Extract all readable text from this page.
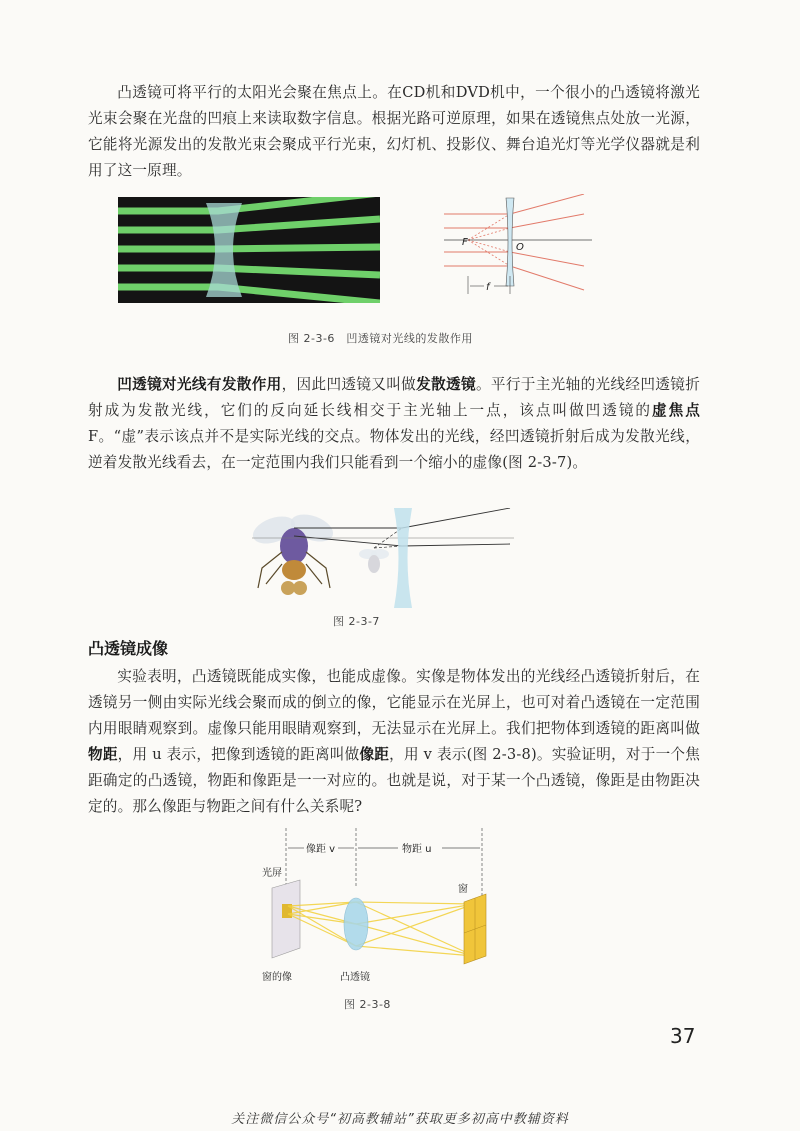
凸透镜可将平行的太阳光会聚在焦点上。在CD机和DVD机中，一个很小的凸透镜将激光光束会聚在光盘的凹痕上来读取数字信息。根据光路可逆原理，如果在透镜焦点处放一光源，它能将光源发出的发散光束会聚成平行光束，幻灯机、投影仪、舞台追光灯等光学仪器就是利用了这一原理。

F	O
f
图 2-3-6　凹透镜对光线的发散作用

凹透镜对光线有发散作用，因此凹透镜又叫做发散透镜。平行于主光轴的光线经凹透镜折射成为发散光线，它们的反向延长线相交于主光轴上一点，该点叫做凹透镜的虚焦点 F。“虚”表示该点并不是实际光线的交点。物体发出的光线，经凹透镜折射后成为发散光线，逆着发散光线看去，在一定范围内我们只能看到一个缩小的虚像(图 2-3-7)。

图 2-3-7
凸透镜成像

实验表明，凸透镜既能成实像，也能成虚像。实像是物体发出的光线经凸透镜折射后，在透镜另一侧由实际光线会聚而成的倒立的像，它能显示在光屏上，也可对着凸透镜在一定范围内用眼睛观察到。虚像只能用眼睛观察到，无法显示在光屏上。我们把物体到透镜的距离叫做物距，用 u 表示，把像到透镜的距离叫做像距，用 v 表示(图 2-3-8)。实验证明，对于一个焦距确定的凸透镜，物距和像距是一一对应的。也就是说，对于某一个凸透镜，像距是由物距决定的。那么像距与物距之间有什么关系呢?

像距 v	物距 u
光屏
窗
窗的像	凸透镜
图 2-3-8
37
关注微信公众号“初高教辅站”获取更多初高中教辅资料
